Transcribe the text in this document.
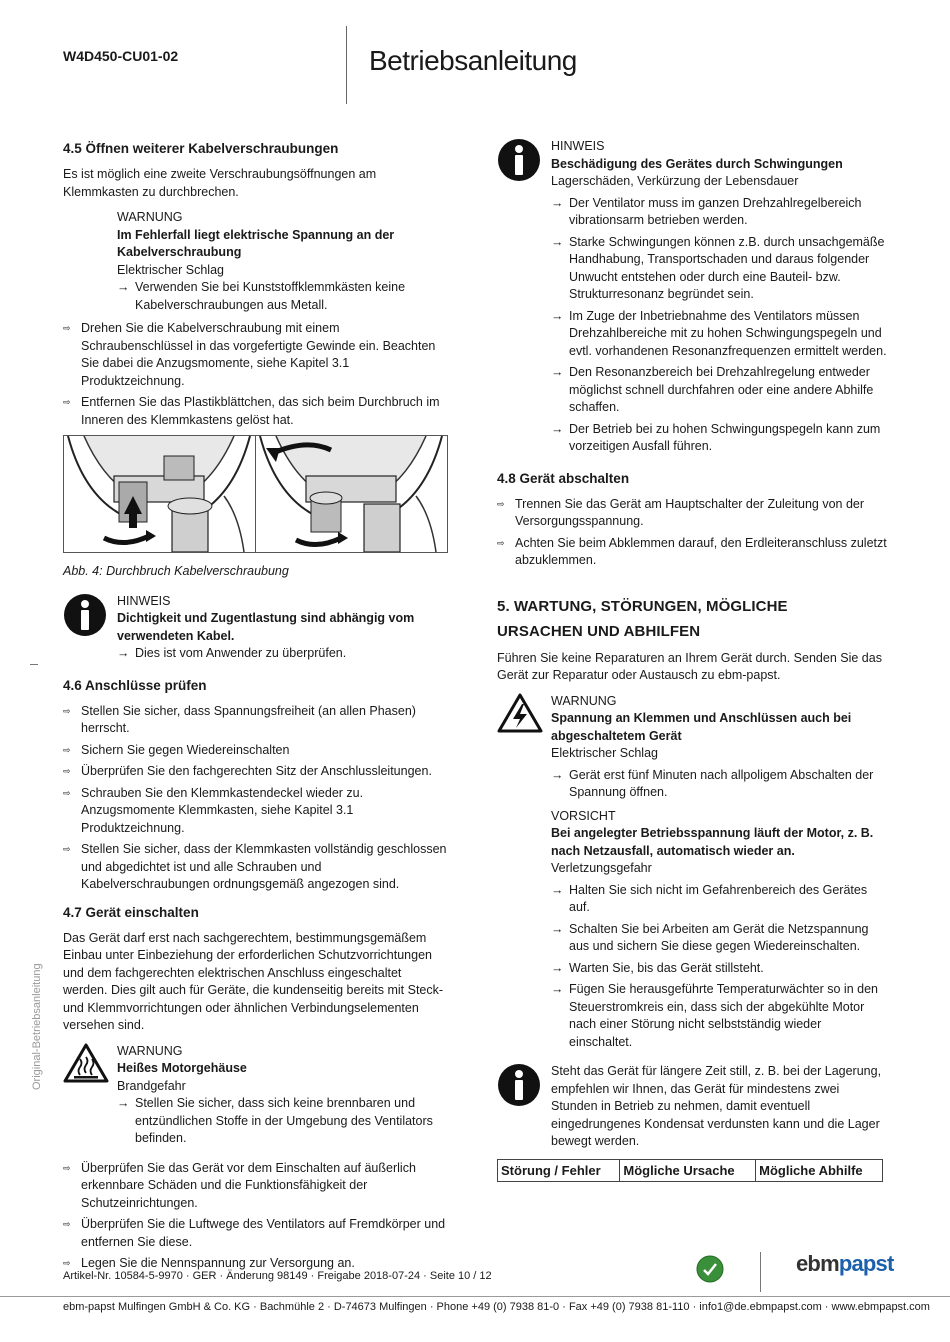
W4D450-CU01-02	Betriebsanleitung
Original-Betriebsanleitung
4.5 Öffnen weiterer Kabelverschraubungen

Es ist möglich eine zweite Verschraubungsöffnungen am Klemmkasten zu durchbrechen.

WARNUNG
Im Fehlerfall liegt elektrische Spannung an der Kabelverschraubung
Elektrischer Schlag
→ Verwenden Sie bei Kunststoffklemmkästen keine Kabelverschraubungen aus Metall.
⇨ Drehen Sie die Kabelverschraubung mit einem Schraubenschlüssel in das vorgefertigte Gewinde ein. Beachten Sie dabei die Anzugsmomente, siehe Kapitel 3.1 Produktzeichnung.
⇨ Entfernen Sie das Plastikblättchen, das sich beim Durchbruch im Inneren des Klemmkastens gelöst hat.
Abb. 4: Durchbruch Kabelverschraubung
HINWEIS
Dichtigkeit und Zugentlastung sind abhängig vom verwendeten Kabel.
→ Dies ist vom Anwender zu überprüfen.
4.6 Anschlüsse prüfen
⇨ Stellen Sie sicher, dass Spannungsfreiheit (an allen Phasen) herrscht.
⇨ Sichern Sie gegen Wiedereinschalten
⇨ Überprüfen Sie den fachgerechten Sitz der Anschlussleitungen.
⇨ Schrauben Sie den Klemmkastendeckel wieder zu. Anzugsmomente Klemmkasten, siehe Kapitel 3.1 Produktzeichnung.
⇨ Stellen Sie sicher, dass der Klemmkasten vollständig geschlossen und abgedichtet ist und alle Schrauben und Kabelverschraubungen ordnungsgemäß angezogen sind.
4.7 Gerät einschalten

Das Gerät darf erst nach sachgerechtem, bestimmungsgemäßem Einbau unter Einbeziehung der erforderlichen Schutzvorrichtungen und dem fachgerechten elektrischen Anschluss eingeschaltet werden. Dies gilt auch für Geräte, die kundenseitig bereits mit Steck- und Klemmvorrichtungen oder ähnlichen Verbindungselementen versehen sind.

WARNUNG
Heißes Motorgehäuse
Brandgefahr
→ Stellen Sie sicher, dass sich keine brennbaren und entzündlichen Stoffe in der Umgebung des Ventilators befinden.
⇨ Überprüfen Sie das Gerät vor dem Einschalten auf äußerlich erkennbare Schäden und die Funktionsfähigkeit der Schutzeinrichtungen.
⇨ Überprüfen Sie die Luftwege des Ventilators auf Fremdkörper und entfernen Sie diese.
⇨ Legen Sie die Nennspannung zur Versorgung an.
HINWEIS
Beschädigung des Gerätes durch Schwingungen
Lagerschäden, Verkürzung der Lebensdauer
→ Der Ventilator muss im ganzen Drehzahlregelbereich vibrationsarm betrieben werden.
→ Starke Schwingungen können z.B. durch unsachgemäße Handhabung, Transportschaden und daraus folgender Unwucht entstehen oder durch eine Bauteil- bzw. Strukturresonanz begründet sein.
→ Im Zuge der Inbetriebnahme des Ventilators müssen Drehzahlbereiche mit zu hohen Schwingungspegeln und evtl. vorhandenen Resonanzfrequenzen ermittelt werden.
→ Den Resonanzbereich bei Drehzahlregelung entweder möglichst schnell durchfahren oder eine andere Abhilfe schaffen.
→ Der Betrieb bei zu hohen Schwingungspegeln kann zum vorzeitigen Ausfall führen.
4.8 Gerät abschalten
⇨ Trennen Sie das Gerät am Hauptschalter der Zuleitung von der Versorgungsspannung.
⇨ Achten Sie beim Abklemmen darauf, den Erdleiteranschluss zuletzt abzuklemmen.
5. WARTUNG, STÖRUNGEN, MÖGLICHE
URSACHEN UND ABHILFEN

Führen Sie keine Reparaturen an Ihrem Gerät durch. Senden Sie das Gerät zur Reparatur oder Austausch zu ebm-papst.

WARNUNG
Spannung an Klemmen und Anschlüssen auch bei abgeschaltetem Gerät
Elektrischer Schlag
→ Gerät erst fünf Minuten nach allpoligem Abschalten der Spannung öffnen.
VORSICHT
Bei angelegter Betriebsspannung läuft der Motor, z. B. nach Netzausfall, automatisch wieder an.
Verletzungsgefahr
→ Halten Sie sich nicht im Gefahrenbereich des Gerätes auf.
→ Schalten Sie bei Arbeiten am Gerät die Netzspannung aus und sichern Sie diese gegen Wiedereinschalten.
→ Warten Sie, bis das Gerät stillsteht.
→ Fügen Sie herausgeführte Temperaturwächter so in den Steuerstromkreis ein, dass sich der abgekühlte Motor nach einer Störung nicht selbstständig wieder einschaltet.
Steht das Gerät für längere Zeit still, z. B. bei der Lagerung, empfehlen wir Ihnen, das Gerät für mindestens zwei Stunden in Betrieb zu nehmen, damit eventuell eingedrungenes Kondensat verdunsten kann und die Lager bewegt werden.
Störung / Fehler	Mögliche Ursache	Mögliche Abhilfe
Artikel-Nr. 10584-5-9970 · GER · Änderung 98149 · Freigabe 2018-07-24 · Seite 10 / 12	ebmpapst
ebm-papst Mulfingen GmbH & Co. KG · Bachmühle 2 · D-74673 Mulfingen · Phone +49 (0) 7938 81-0 · Fax +49 (0) 7938 81-110 · info1@de.ebmpapst.com · www.ebmpapst.com
